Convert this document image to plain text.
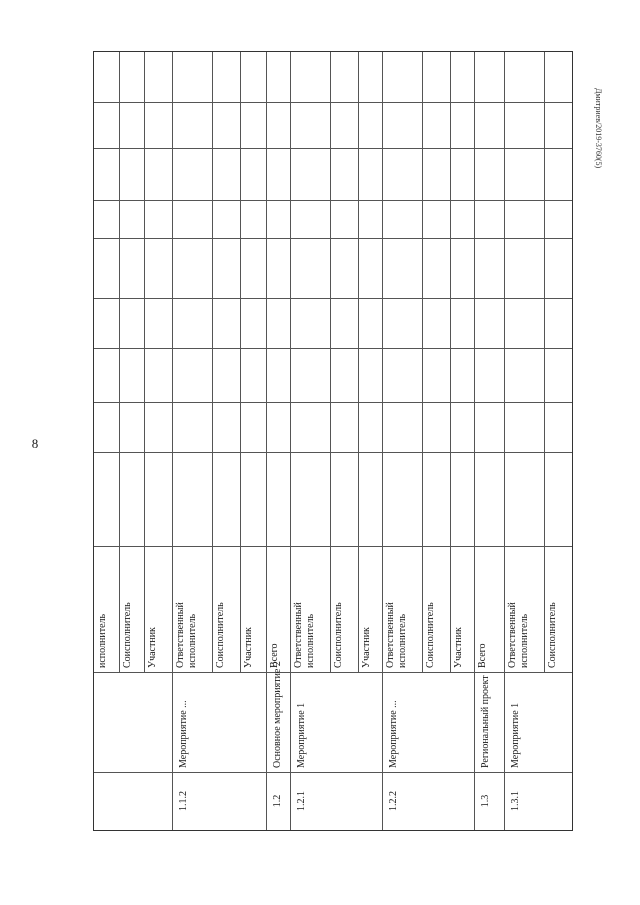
8
Дмитриев/2019-3760(5)
исполнитель Соисполнитель Участник Ответственный исполнитель
Мероприятие ...
1.1.2
Соисполнитель Участник Всего
Основное мероприятие 2
1.2
Ответственный исполнитель
Мероприятие 1
1.2.1
Соисполнитель Участник Ответственный исполнитель
Мероприятие ...
1.2.2
Соисполнитель Участник Всего
Региональный проект
1.3
Ответственный исполнитель
Мероприятие 1
1.3.1
Соисполнитель
